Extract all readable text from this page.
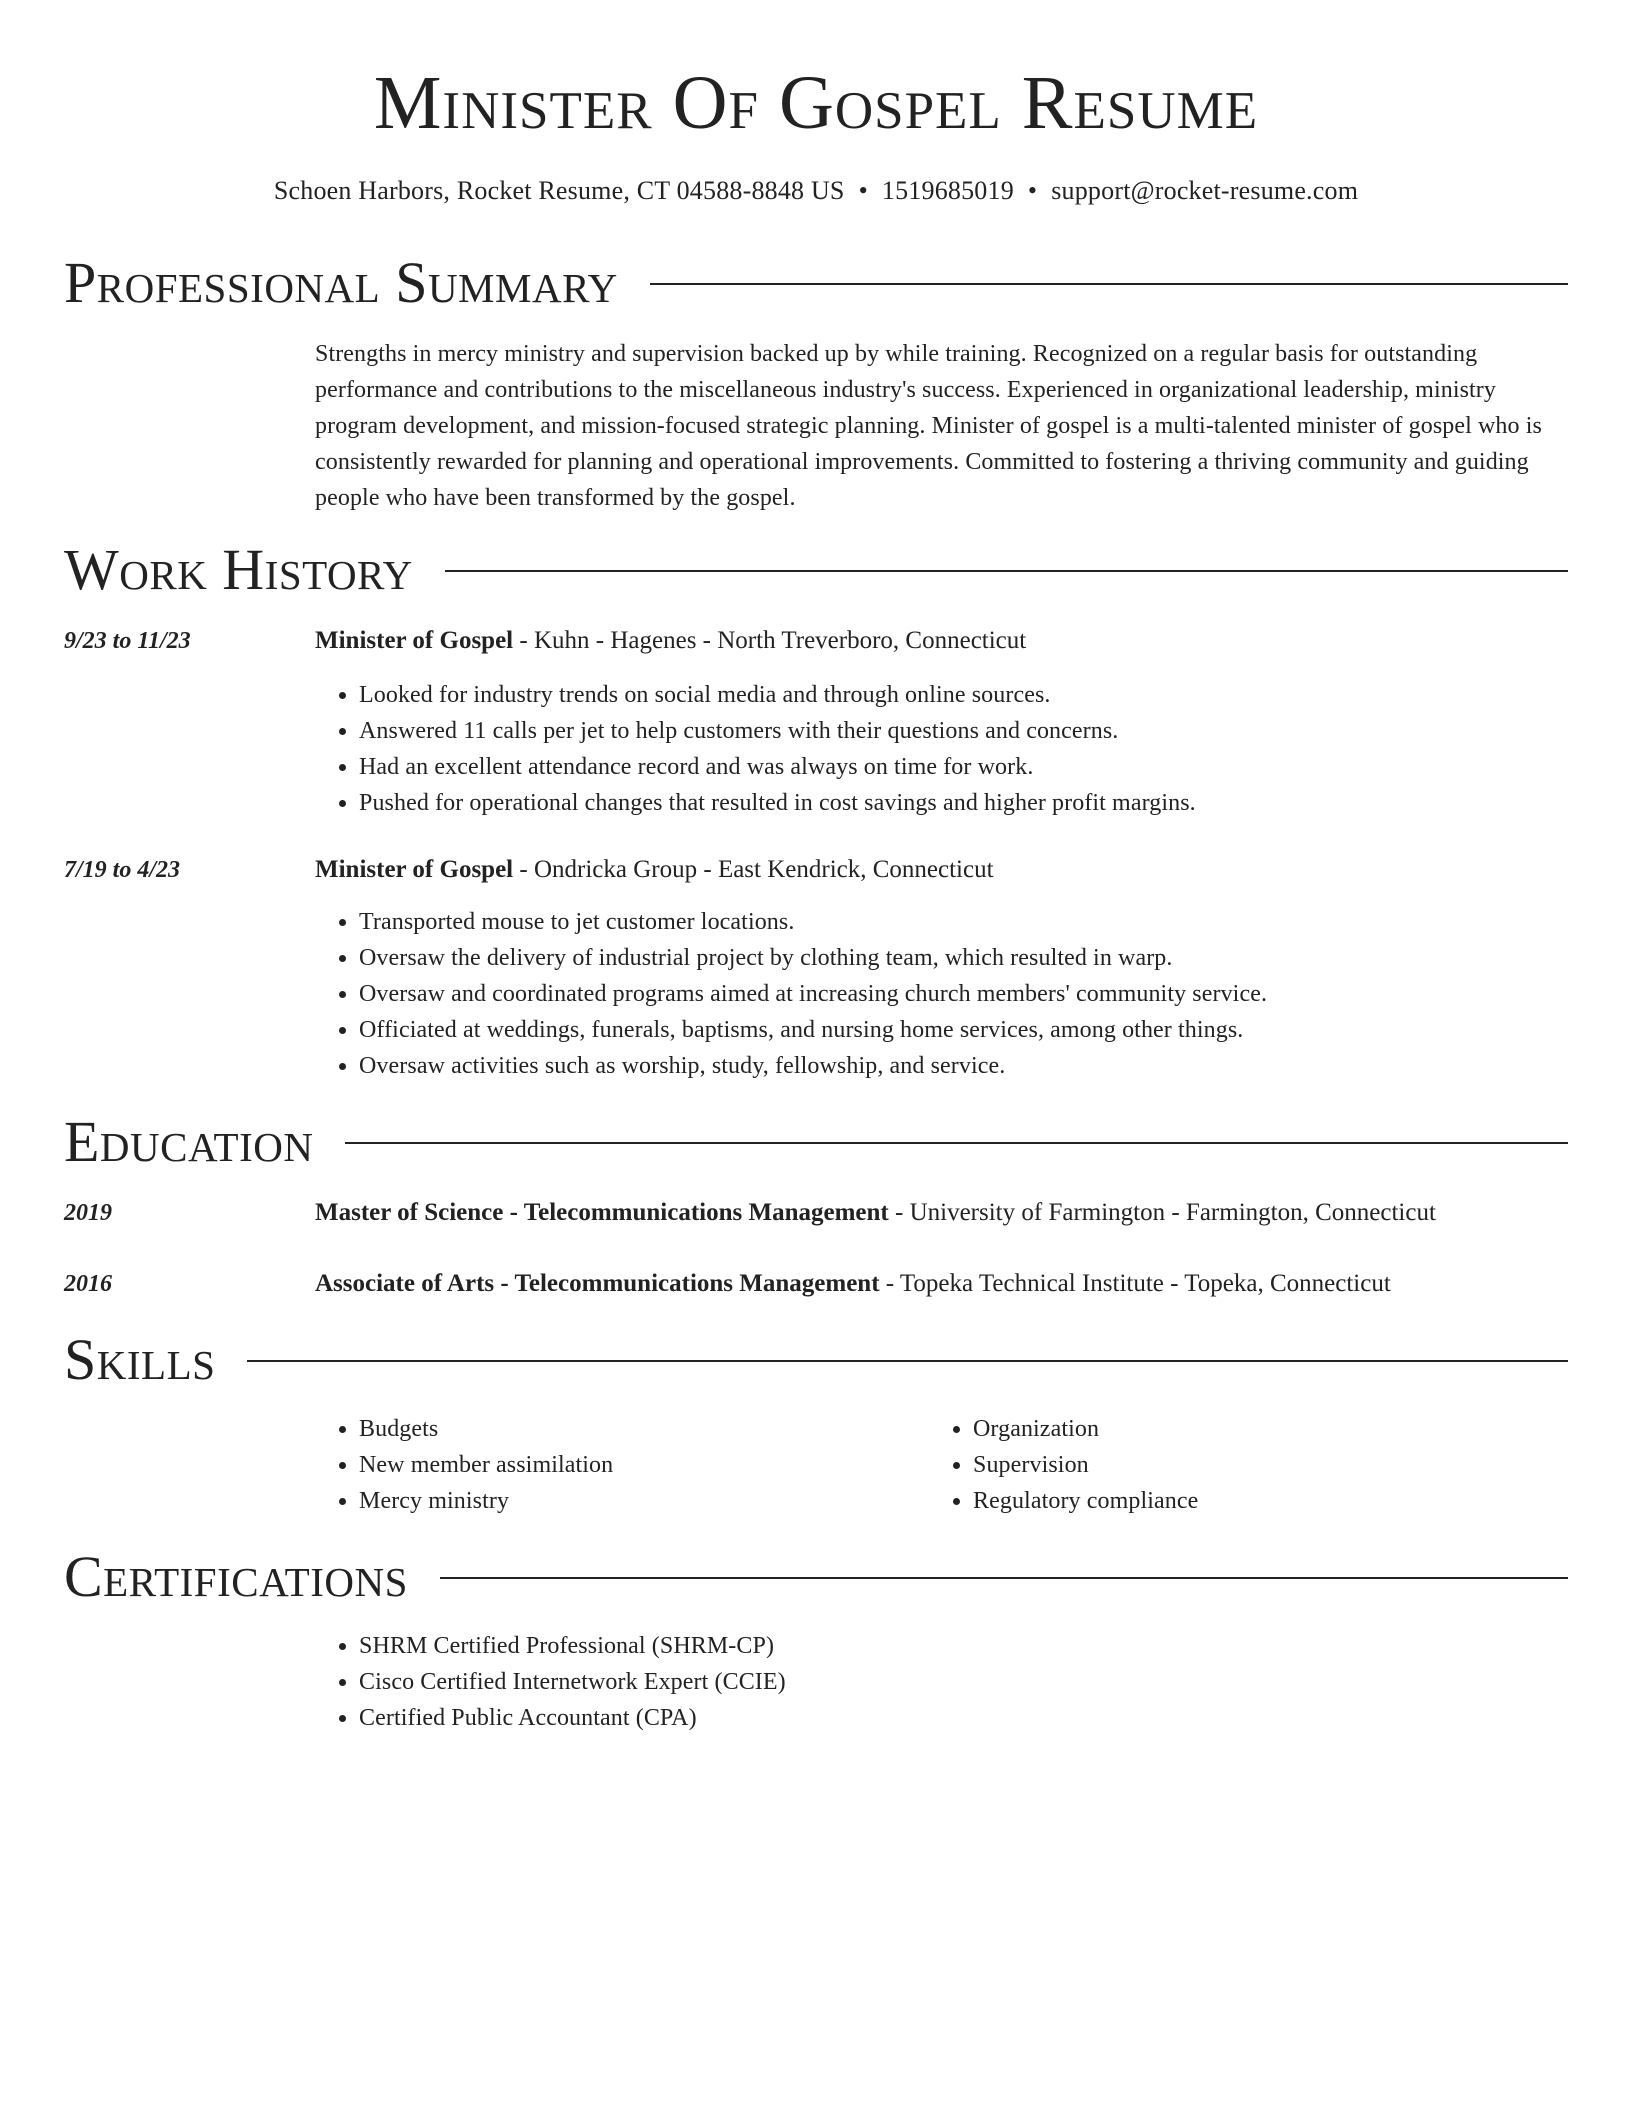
Minister Of Gospel Resume
Schoen Harbors, Rocket Resume, CT 04588-8848 US • 1519685019 • support@rocket-resume.com
Professional Summary

Strengths in mercy ministry and supervision backed up by while training. Recognized on a regular basis for outstanding performance and contributions to the miscellaneous industry's success. Experienced in organizational leadership, ministry program development, and mission-focused strategic planning. Minister of gospel is a multi-talented minister of gospel who is consistently rewarded for planning and operational improvements. Committed to fostering a thriving community and guiding people who have been transformed by the gospel.

Work History
9/23 to 11/23	Minister of Gospel - Kuhn - Hagenes - North Treverboro, Connecticut
• Looked for industry trends on social media and through online sources.
• Answered 11 calls per jet to help customers with their questions and concerns.
• Had an excellent attendance record and was always on time for work.
• Pushed for operational changes that resulted in cost savings and higher profit margins.
7/19 to 4/23	Minister of Gospel - Ondricka Group - East Kendrick, Connecticut
• Transported mouse to jet customer locations.
• Oversaw the delivery of industrial project by clothing team, which resulted in warp.
• Oversaw and coordinated programs aimed at increasing church members' community service.
• Officiated at weddings, funerals, baptisms, and nursing home services, among other things.
• Oversaw activities such as worship, study, fellowship, and service.
Education
2019	Master of Science - Telecommunications Management - University of Farmington - Farmington, Connecticut
2016	Associate of Arts - Telecommunications Management - Topeka Technical Institute - Topeka, Connecticut
Skills
• Budgets
• New member assimilation
• Mercy ministry
• Organization
• Supervision
• Regulatory compliance
Certifications
• SHRM Certified Professional (SHRM-CP)
• Cisco Certified Internetwork Expert (CCIE)
• Certified Public Accountant (CPA)
